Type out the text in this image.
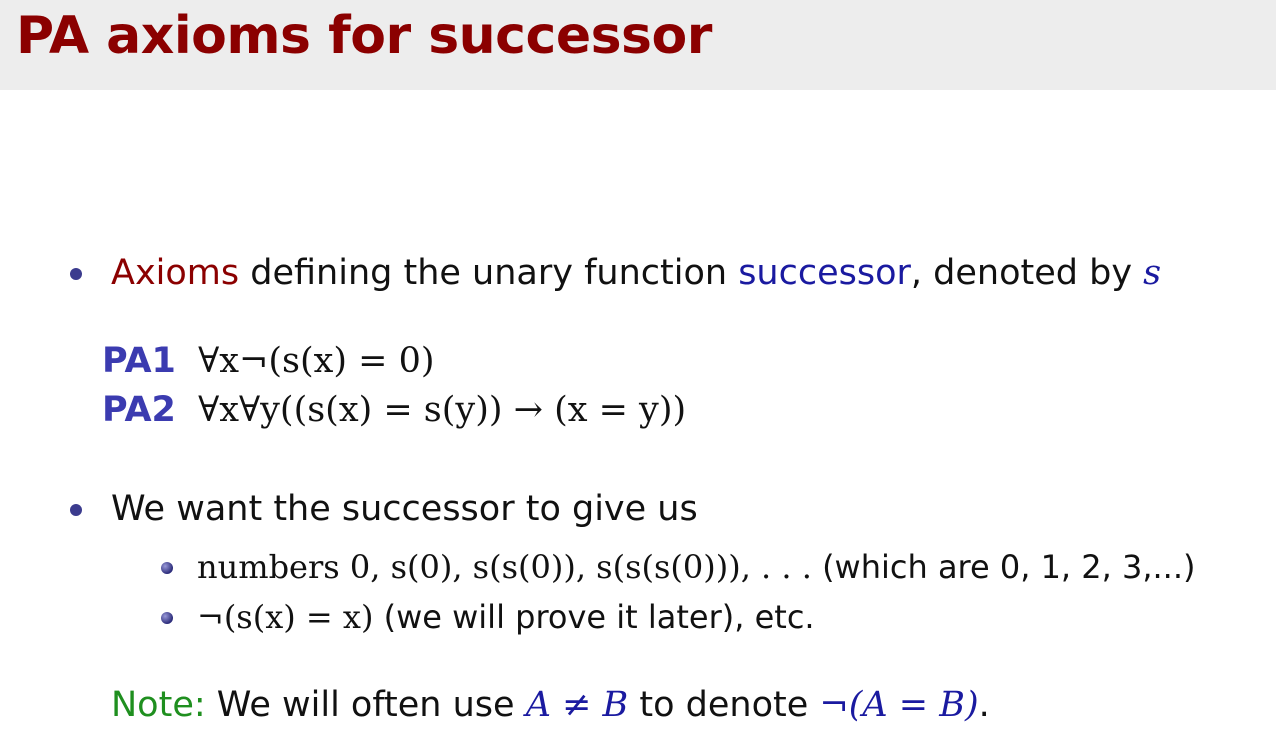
PA axioms for successor
Axioms defining the unary function successor, denoted by s
PA1 ∀x¬(s(x) = 0)
PA2 ∀x∀y((s(x) = s(y)) → (x = y))
We want the successor to give us
numbers 0, s(0), s(s(0)), s(s(s(0))), . . . (which are 0, 1, 2, 3,...)
¬(s(x) = x) (we will prove it later), etc.
Note: We will often use A ≠ B to denote ¬(A = B).
